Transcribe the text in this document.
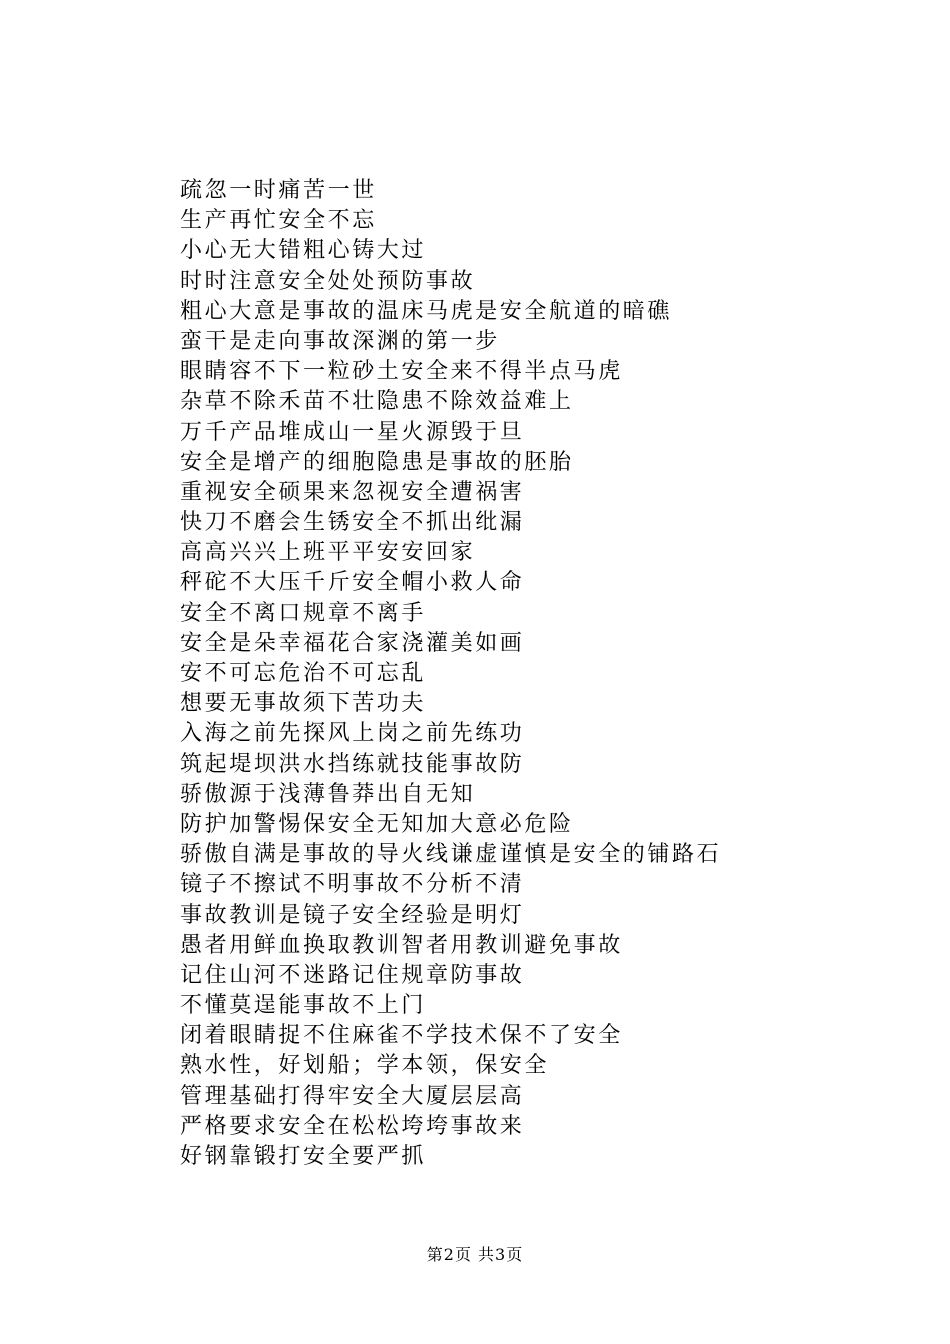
疏忽一时痛苦一世
生产再忙安全不忘
小心无大错粗心铸大过
时时注意安全处处预防事故
粗心大意是事故的温床马虎是安全航道的暗礁
蛮干是走向事故深渊的第一步
眼睛容不下一粒砂土安全来不得半点马虎
杂草不除禾苗不壮隐患不除效益难上
万千产品堆成山一星火源毁于旦
安全是增产的细胞隐患是事故的胚胎
重视安全硕果来忽视安全遭祸害
快刀不磨会生锈安全不抓出纰漏
高高兴兴上班平平安安回家
秤砣不大压千斤安全帽小救人命
安全不离口规章不离手
安全是朵幸福花合家浇灌美如画
安不可忘危治不可忘乱
想要无事故须下苦功夫
入海之前先探风上岗之前先练功
筑起堤坝洪水挡练就技能事故防
骄傲源于浅薄鲁莽出自无知
防护加警惕保安全无知加大意必危险
骄傲自满是事故的导火线谦虚谨慎是安全的铺路石
镜子不擦试不明事故不分析不清
事故教训是镜子安全经验是明灯
愚者用鲜血换取教训智者用教训避免事故
记住山河不迷路记住规章防事故
不懂莫逞能事故不上门
闭着眼睛捉不住麻雀不学技术保不了安全
熟水性，好划船；学本领，保安全
管理基础打得牢安全大厦层层高
严格要求安全在松松垮垮事故来
好钢靠锻打安全要严抓
第2页 共3页
